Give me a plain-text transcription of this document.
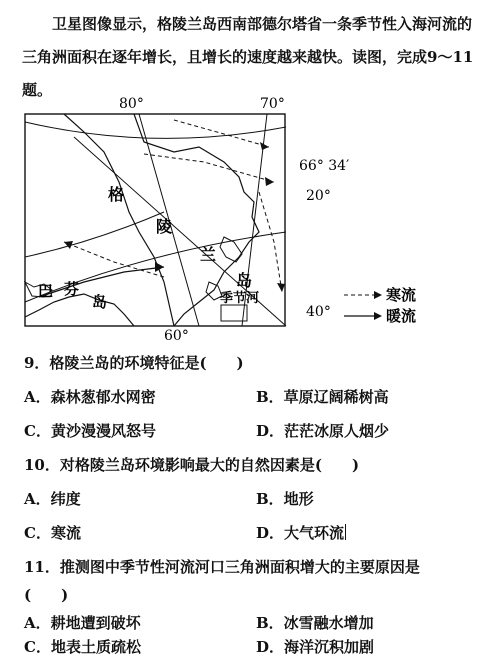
卫星图像显示，格陵兰岛西南部德尔塔省一条季节性入海河流的三角洲面积在逐年增长，且增长的速度越来越快。读图，完成9～11题。

80°	70°
60°
66° 34′
20°
40°
格
陵
兰
岛
巴 芬
岛	季节河	寒流
暖流
9．格陵兰岛的环境特征是(　　)
A．森林葱郁水网密	B．草原辽阔稀树高
C．黄沙漫漫风怒号	D．茫茫冰原人烟少
10．对格陵兰岛环境影响最大的自然因素是(　　)
A．纬度	B．地形
C．寒流	D．大气环流
11．推测图中季节性河流河口三角洲面积增大的主要原因是
(　　)
A．耕地遭到破坏	B．冰雪融水增加
C．地表土质疏松	D．海洋沉积加剧
